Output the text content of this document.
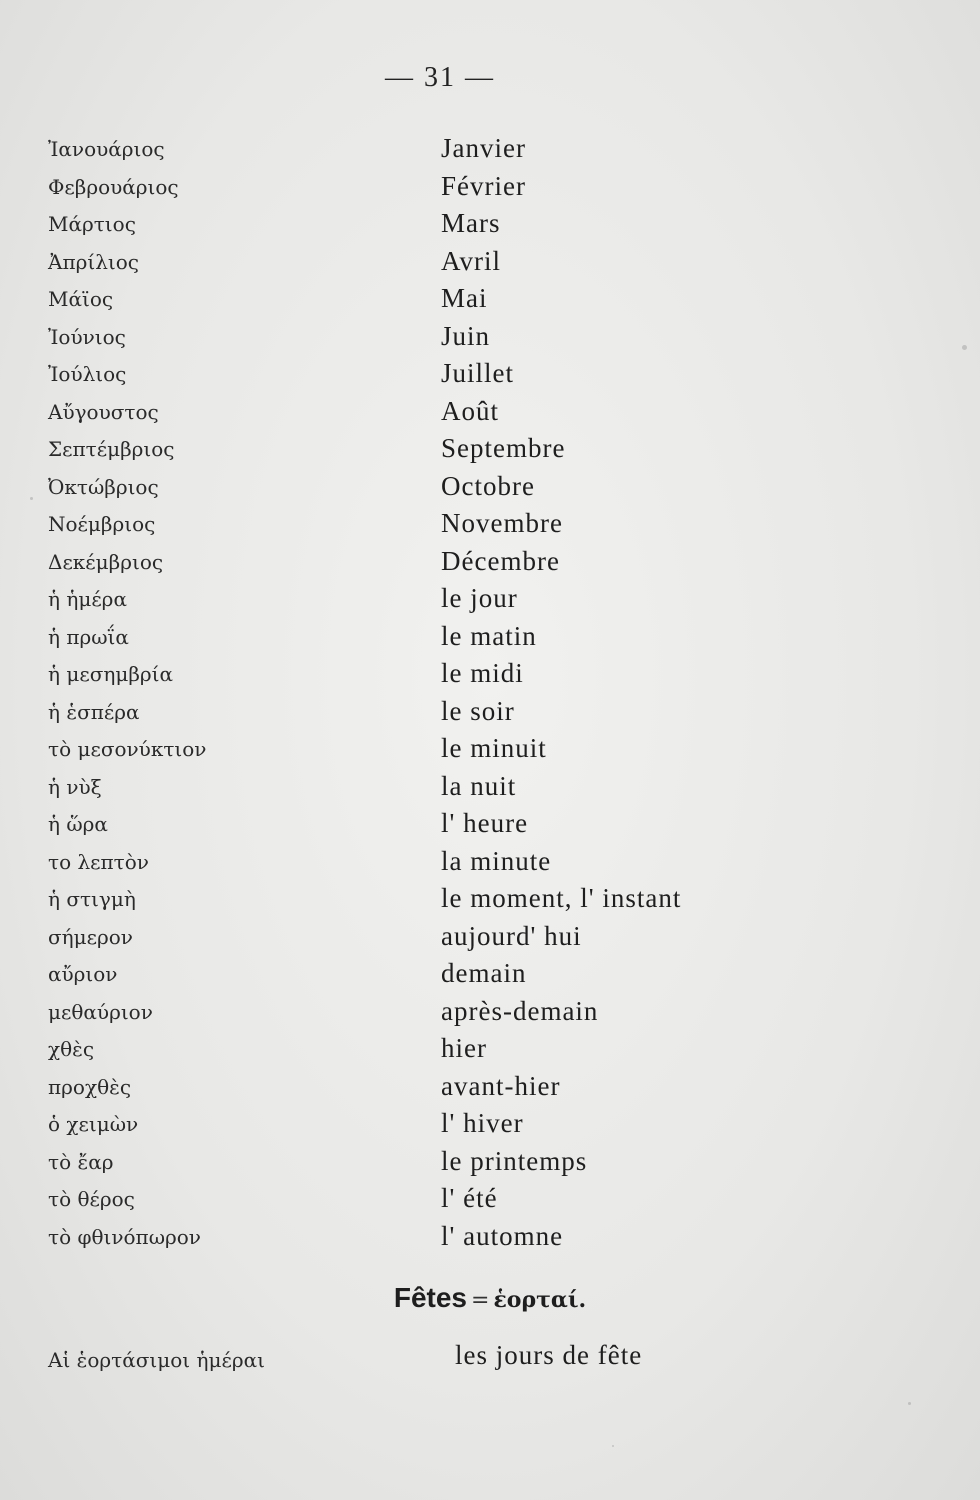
— 31 —
Ἰανουάριος	Janvier
Φεβρουάριος	Février
Μάρτιος	Mars
Ἀπρίλιος	Avril
Μάϊος	Mai
Ἰούνιος	Juin
Ἰούλιος	Juillet
Αὔγουστος	Août
Σεπτέμβριος	Septembre
Ὀκτώβριος	Octobre
Νοέμβριος	Novembre
Δεκέμβριος	Décembre
ἡ ἡμέρα	le jour
ἡ πρωΐα	le matin
ἡ μεσημβρία	le midi
ἡ ἑσπέρα	le soir
τὸ μεσονύκτιον	le minuit
ἡ νὺξ	la nuit
ἡ ὥρα	l' heure
το λεπτὸν	la minute
ἡ στιγμὴ	le moment, l' instant
σήμερον	aujourd' hui
αὔριον	demain
μεθαύριον	après-demain
χθὲς	hier
προχθὲς	avant-hier
ὁ χειμὼν	l' hiver
τὸ ἔαρ	le printemps
τὸ θέρος	l' été
τὸ φθινόπωρον	l' automne
Fêtes = ἑορταί.
Αἱ ἑορτάσιμοι ἡμέραι	les jours de fête
